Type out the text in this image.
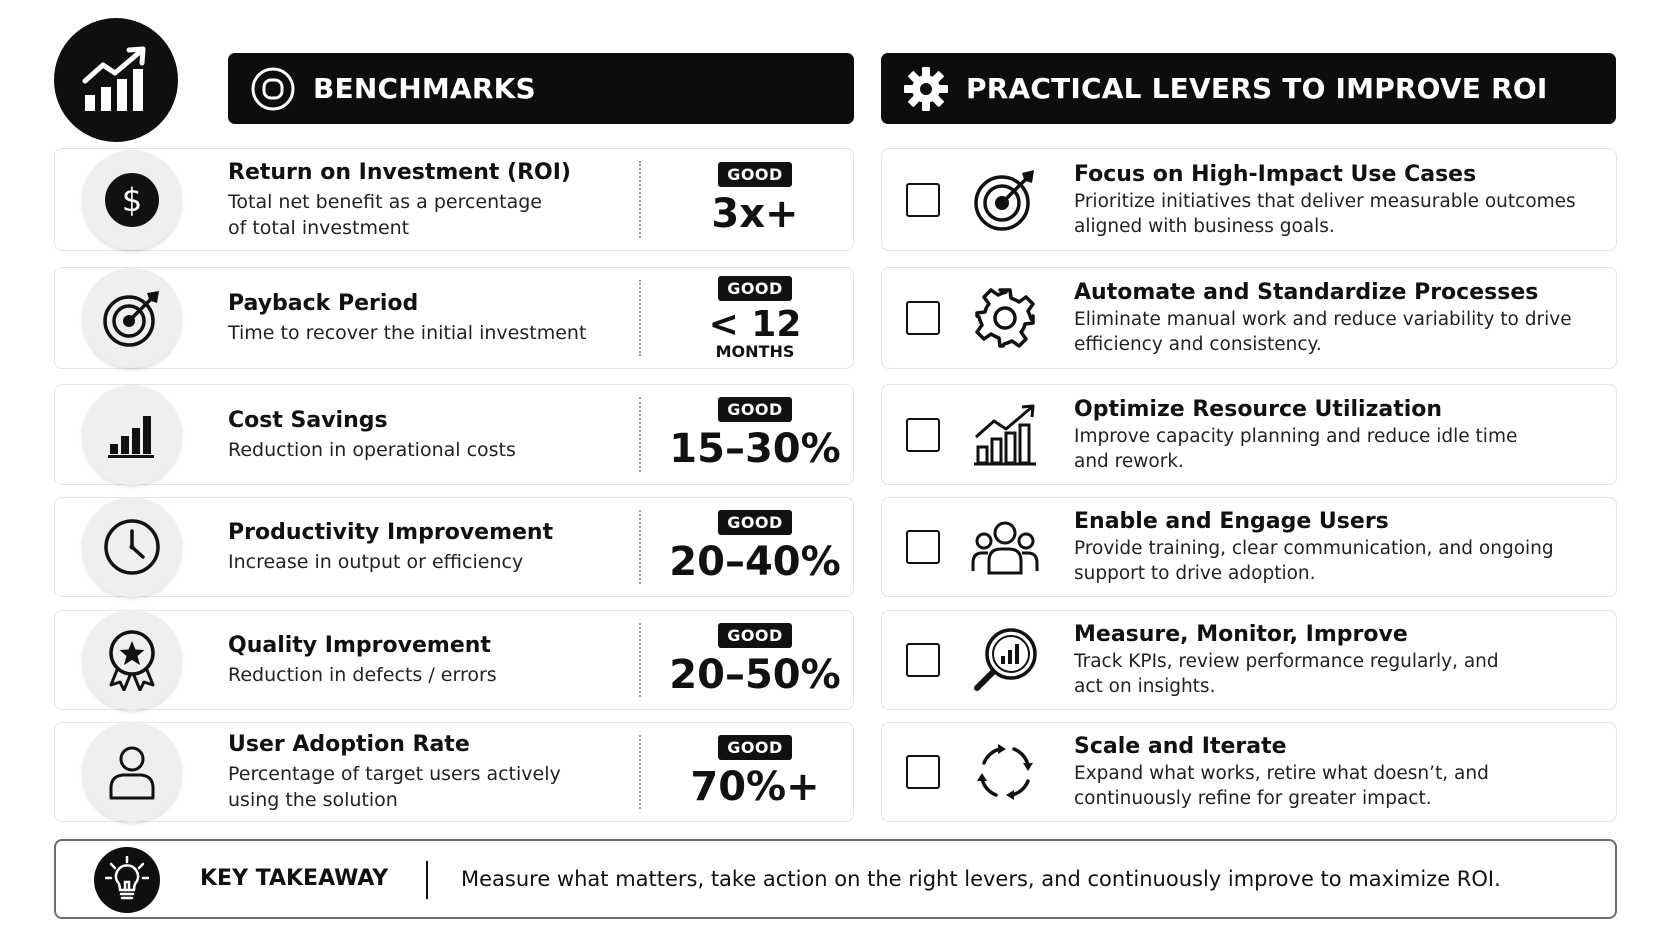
BENCHMARKS	PRACTICAL LEVERS TO IMPROVE ROI
$
Return on Investment (ROI)
Total net benefit as a percentage
of total investment
GOOD
3x+
Payback Period
Time to recover the initial investment
GOOD
< 12
MONTHS
Cost Savings
Reduction in operational costs
GOOD
15–30%
Productivity Improvement
Increase in output or efficiency
GOOD
20–40%
Quality Improvement
Reduction in defects / errors
GOOD
20–50%
User Adoption Rate
Percentage of target users actively
using the solution
GOOD
70%+
Focus on High-Impact Use Cases
Prioritize initiatives that deliver measurable outcomes
aligned with business goals.
Automate and Standardize Processes
Eliminate manual work and reduce variability to drive
efficiency and consistency.
Optimize Resource Utilization
Improve capacity planning and reduce idle time
and rework.
Enable and Engage Users
Provide training, clear communication, and ongoing
support to drive adoption.
Measure, Monitor, Improve
Track KPIs, review performance regularly, and
act on insights.
Scale and Iterate
Expand what works, retire what doesn’t, and
continuously refine for greater impact.
KEY TAKEAWAY	Measure what matters, take action on the right levers, and continuously improve to maximize ROI.
